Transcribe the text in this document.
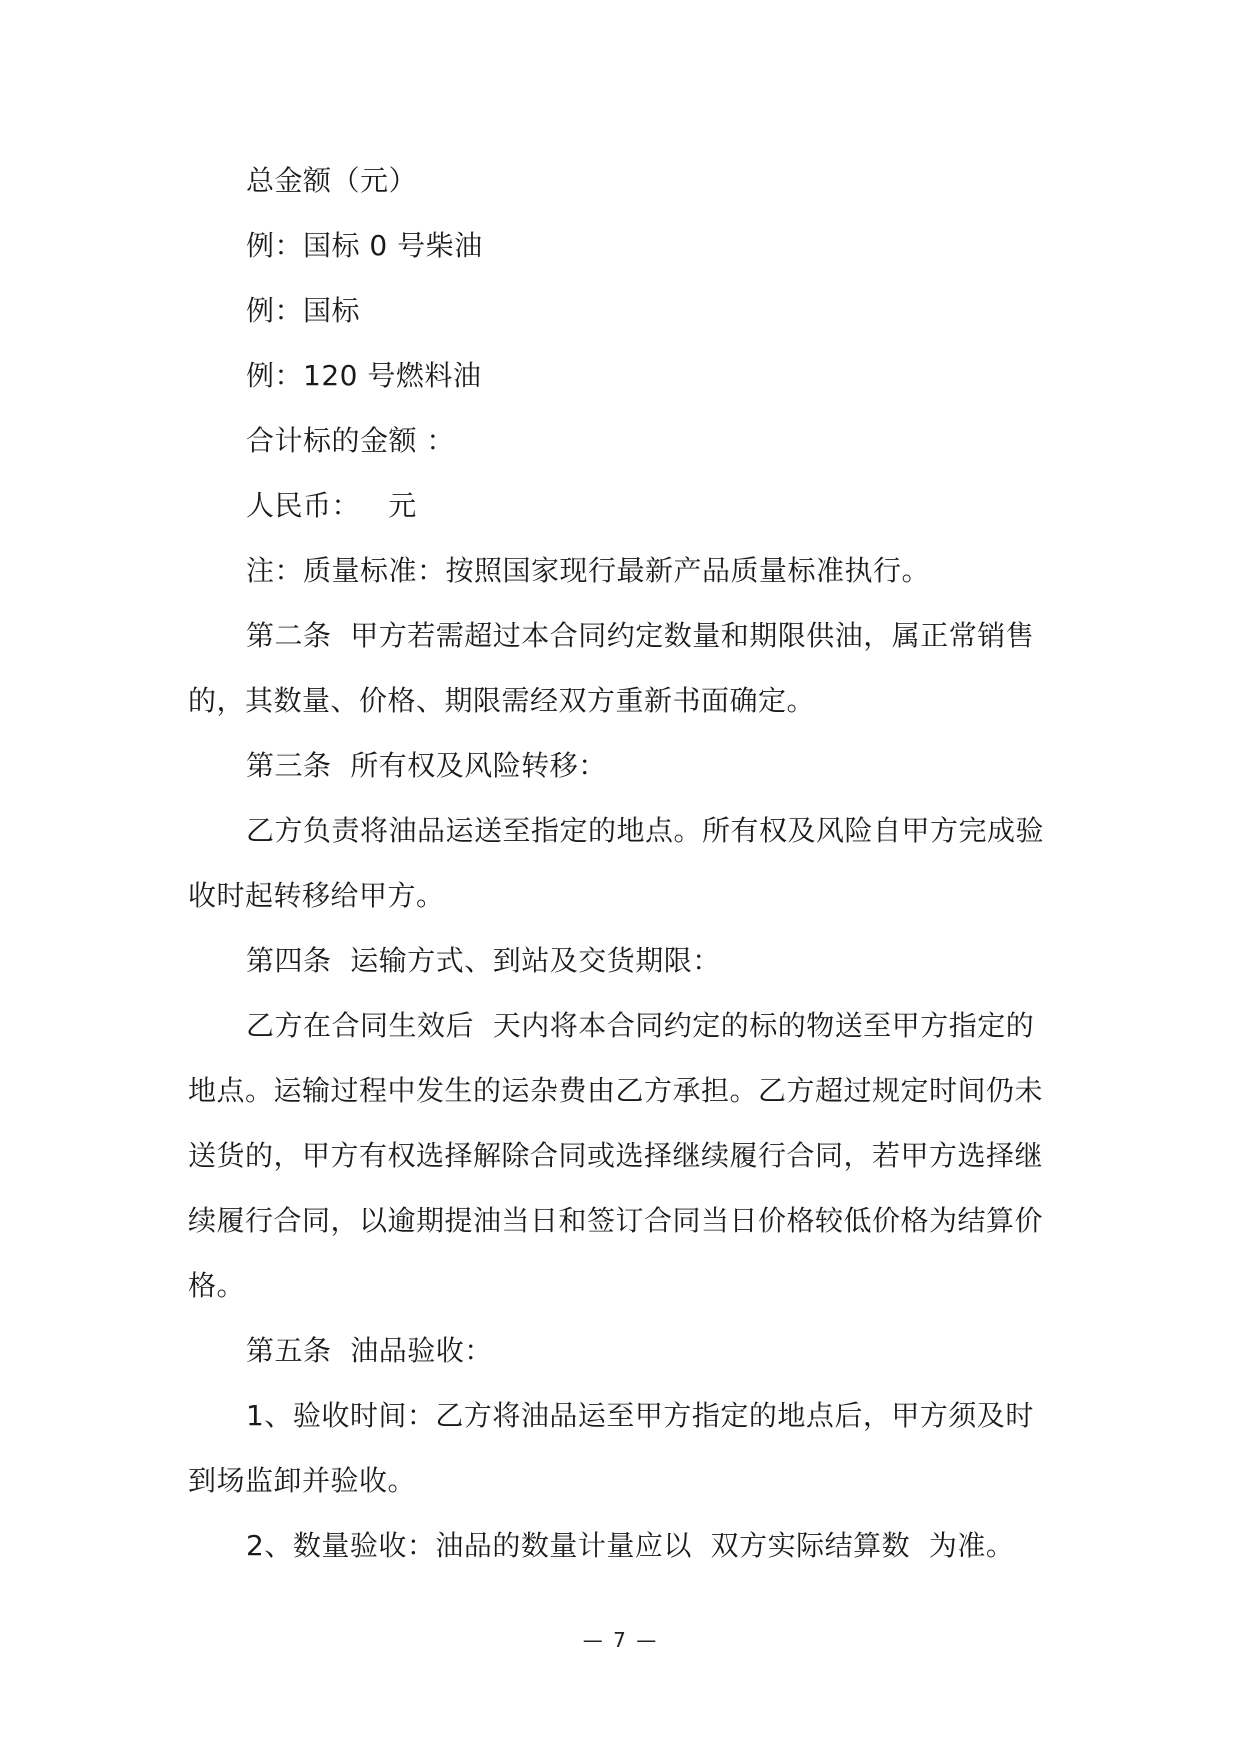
总金额（元）

例：国标 0 号柴油

例：国标

例：120 号燃料油

合计标的金额 ：

人民币：   元

注：质量标准：按照国家现行最新产品质量标准执行。

第二条  甲方若需超过本合同约定数量和期限供油，属正常销售的，其数量、价格、期限需经双方重新书面确定。

第三条  所有权及风险转移：

乙方负责将油品运送至指定的地点。所有权及风险自甲方完成验收时起转移给甲方。

第四条  运输方式、到站及交货期限：

乙方在合同生效后  天内将本合同约定的标的物送至甲方指定的地点。运输过程中发生的运杂费由乙方承担。乙方超过规定时间仍未送货的，甲方有权选择解除合同或选择继续履行合同，若甲方选择继续履行合同，以逾期提油当日和签订合同当日价格较低价格为结算价格。

第五条  油品验收：

1、验收时间：乙方将油品运至甲方指定的地点后，甲方须及时到场监卸并验收。

2、数量验收：油品的数量计量应以  双方实际结算数  为准。

— 7 —
